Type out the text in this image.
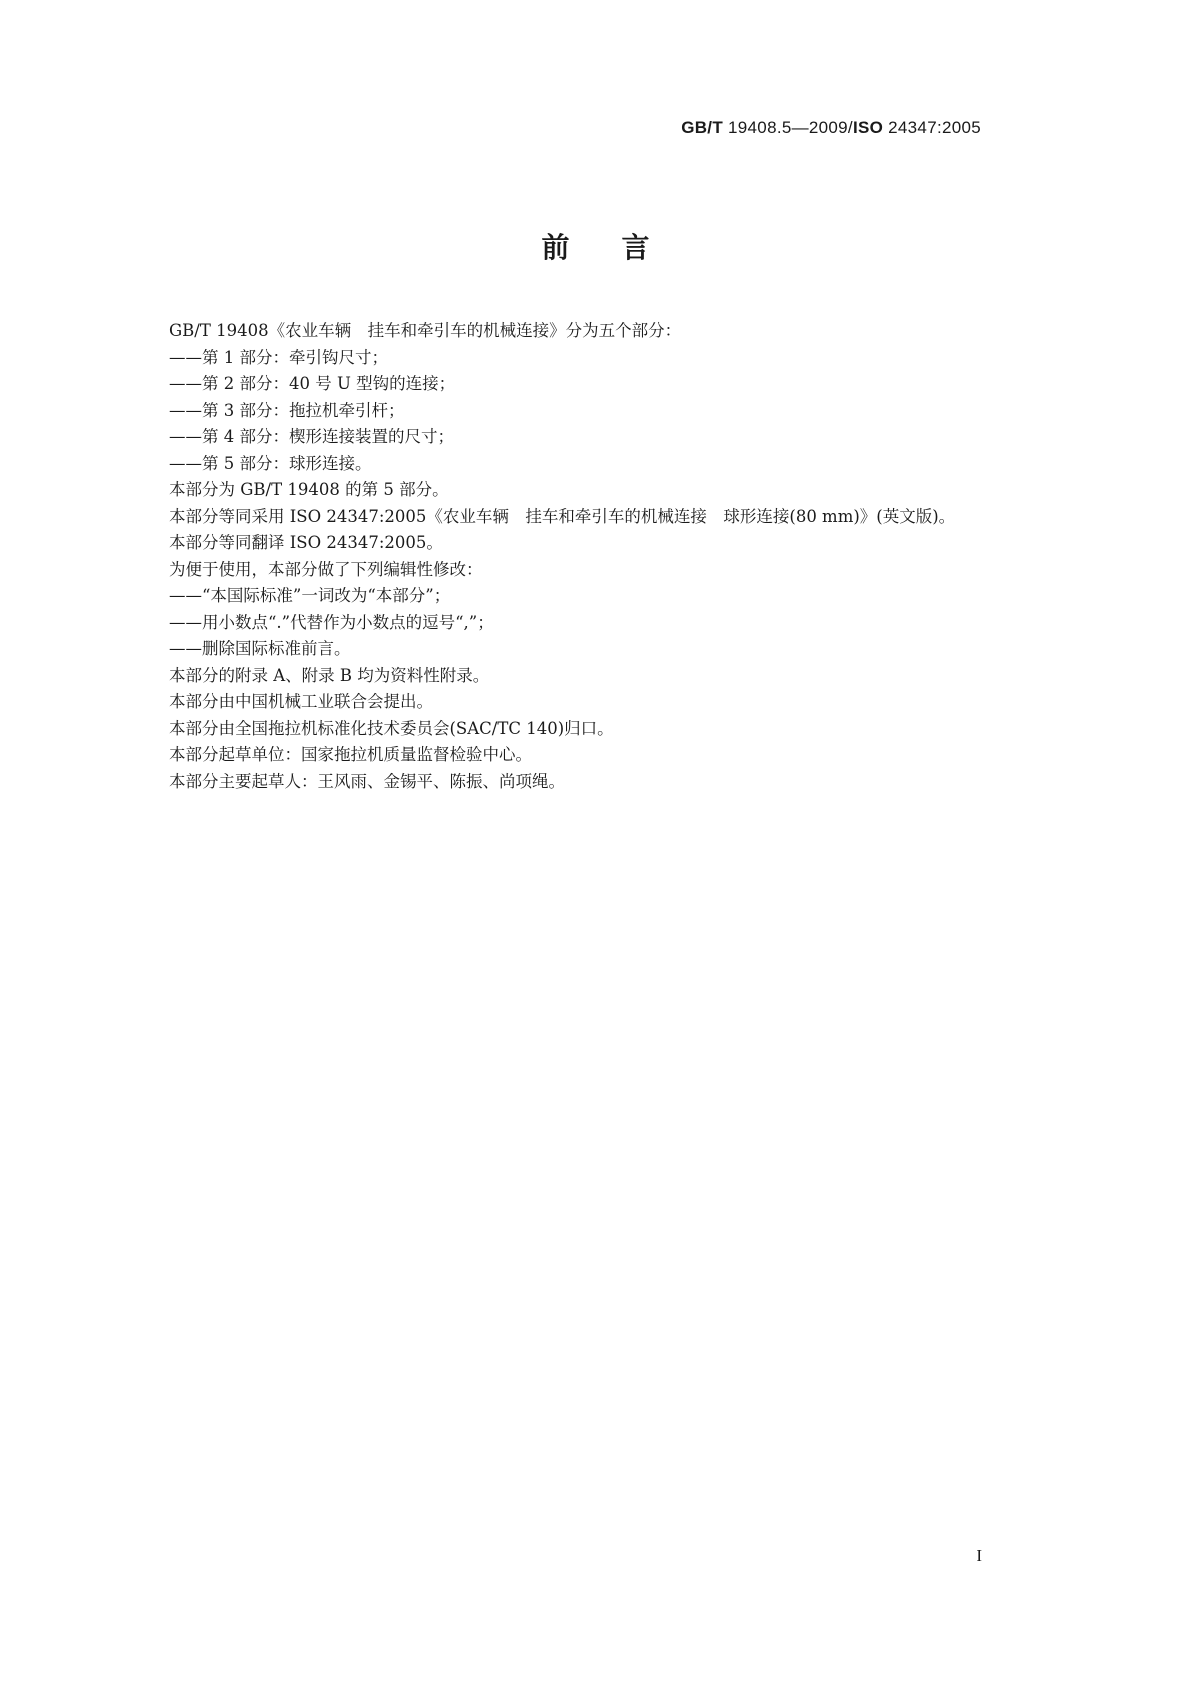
GB/T 19408.5—2009/ISO 24347:2005
前言

GB/T 19408《农业车辆　挂车和牵引车的机械连接》分为五个部分：

——第 1 部分：牵引钩尺寸；

——第 2 部分：40 号 U 型钩的连接；

——第 3 部分：拖拉机牵引杆；

——第 4 部分：楔形连接装置的尺寸；

——第 5 部分：球形连接。

本部分为 GB/T 19408 的第 5 部分。

本部分等同采用 ISO 24347:2005《农业车辆　挂车和牵引车的机械连接　球形连接(80 mm)》(英文版)。

本部分等同翻译 ISO 24347:2005。

为便于使用，本部分做了下列编辑性修改：

——“本国际标准”一词改为“本部分”；

——用小数点“.”代替作为小数点的逗号“,”；

——删除国际标准前言。

本部分的附录 A、附录 B 均为资料性附录。

本部分由中国机械工业联合会提出。

本部分由全国拖拉机标准化技术委员会(SAC/TC 140)归口。

本部分起草单位：国家拖拉机质量监督检验中心。

本部分主要起草人：王风雨、金锡平、陈振、尚项绳。

I
